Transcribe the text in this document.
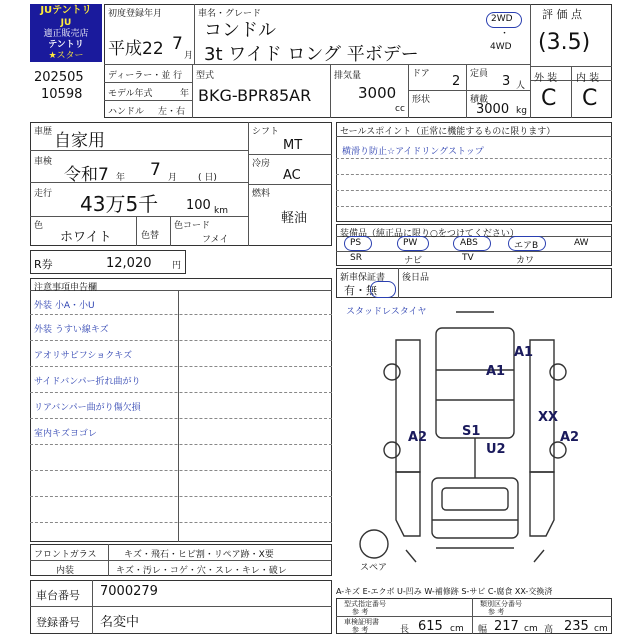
JUテントリ
JU
適正販売店
テントリ
★スター
202505
10598
初度登録年月
平成22 7
月
車名・グレード
コンドル
3t ワイド ロング 平ボデー
2WD
・
4WD
評 価 点
(3.5)
ディーラー・並 行
モデル年式	年
ハンドル 左・右
型式
BKG-BPR85AR
排気量
3000
cc
ドア 2 定員 3 人
形状	積載
3000 kg
外 装 内 装
C C
車歴 自家用
車検
令和7 年 7 月 ( 日)
走行 43万5千 100 km
色
ホワイト	色替
色コード
フメイ
シフト
MT
冷房
AC
燃料
軽油
R券	12,020 円
セールスポイント（正常に機能するものに限ります）
横滑り防止☆アイドリングストップ
装備品（純正品に限り○をつけてください）
PS	PW	ABS	エアB	AW
SR	ナビ	TV	カワ
新車保証書
有・無
後日品
注意事項申告欄
外装 小A・小U
外装 うすい線キズ
アオリサビフショクキズ
サイドバンパー折れ曲がり
リアバンパー曲がり傷欠損
室内キズヨゴレ
スタッドレスタイヤ
A1
A1
XX
A2	S1
U2
A2
スペア
フロントガラス	キズ・飛石・ヒビ割・リペア跡・X要
内装	キズ・汚レ・コゲ・穴・スレ・キレ・破レ
車台番号 7000279
登録番号 名変中
A-キズ E-エクボ U-凹み W-補修跡 S-サビ C-腐食 XX-交換済
型式指定番号
参 考
類別区分番号
参 考
車検証明書
参 考	長 615 cm 幅 217 cm 高 235 cm
